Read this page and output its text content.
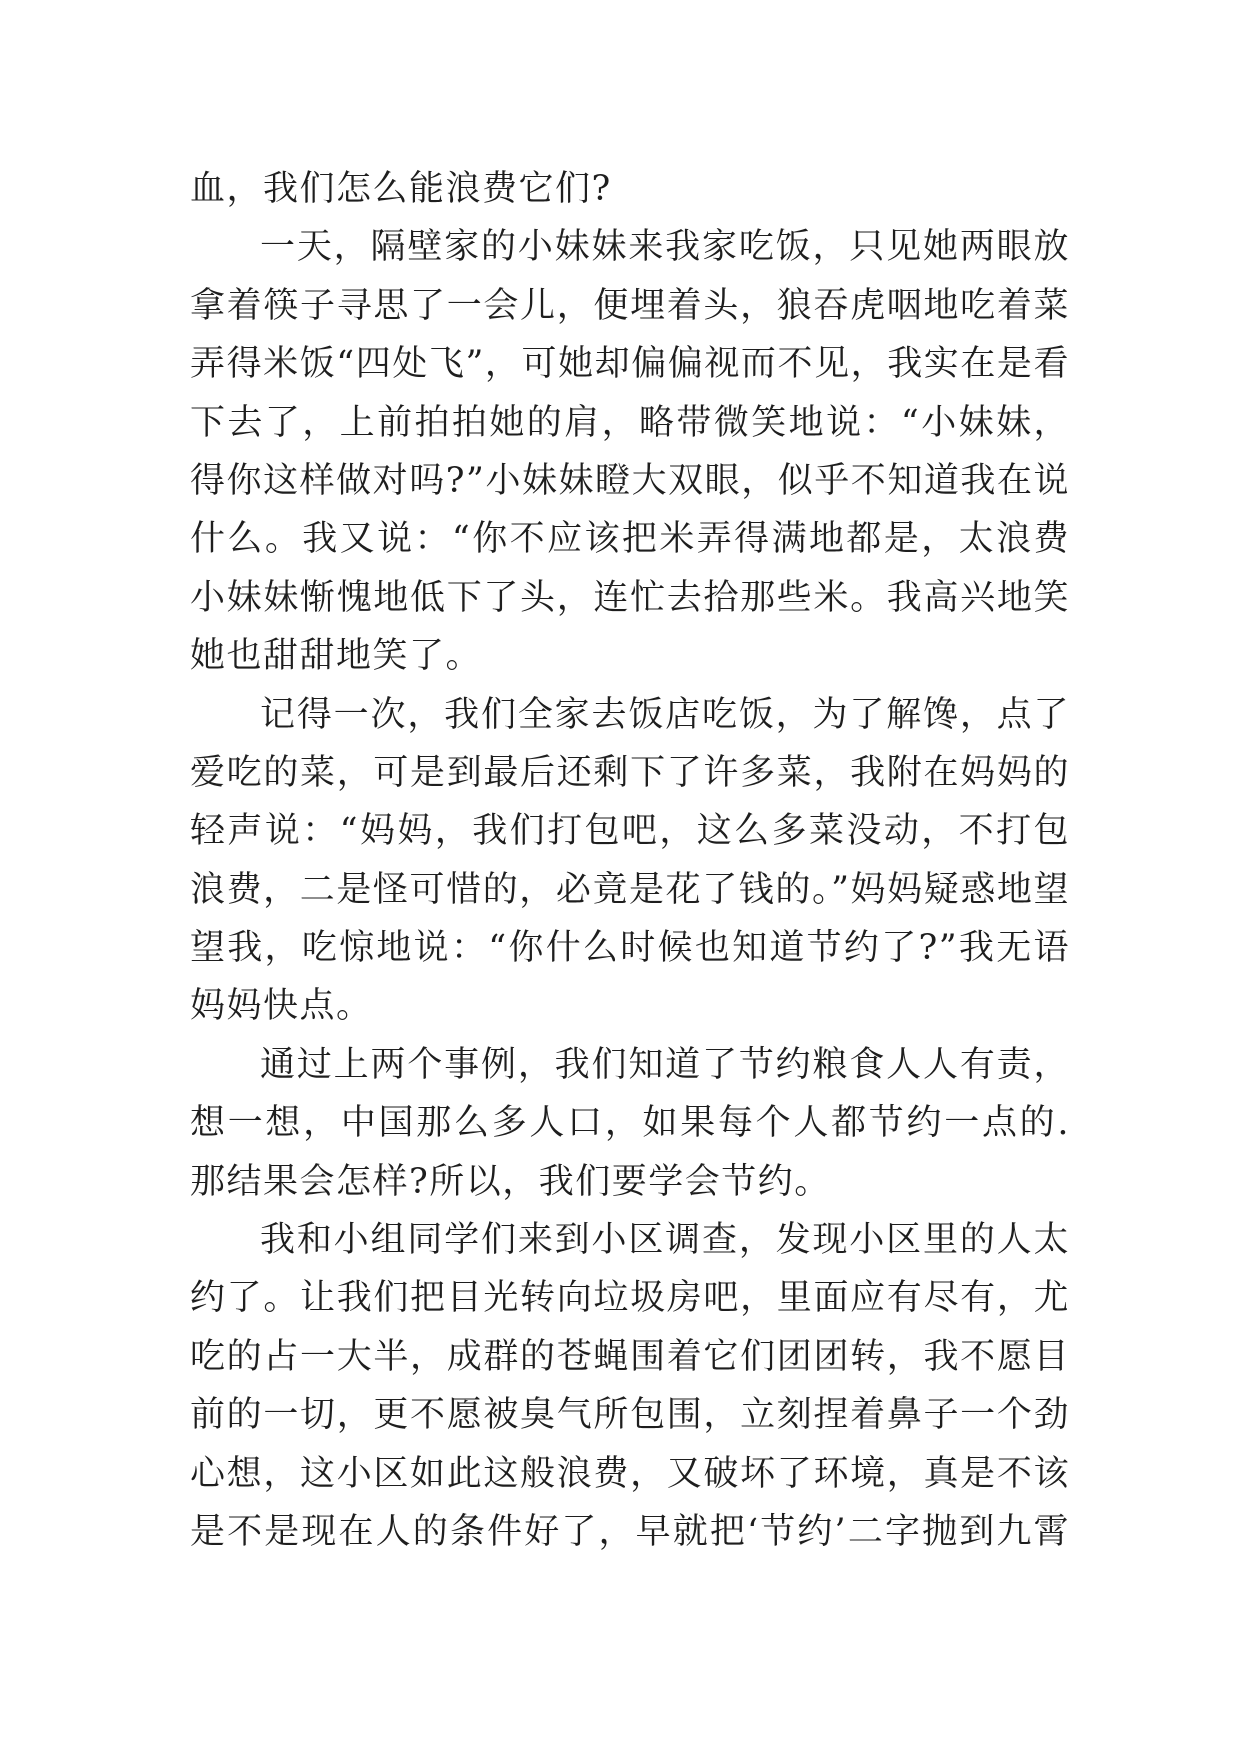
血，我们怎么能浪费它们?
一天，隔壁家的小妹妹来我家吃饭，只见她两眼放
拿着筷子寻思了一会儿，便埋着头，狼吞虎咽地吃着菜
弄得米饭“四处飞”，可她却偏偏视而不见，我实在是看
下去了，上前拍拍她的肩，略带微笑地说：“小妹妹，
得你这样做对吗?”小妹妹瞪大双眼，似乎不知道我在说
什么。我又说：“你不应该把米弄得满地都是，太浪费
小妹妹惭愧地低下了头，连忙去拾那些米。我高兴地笑
她也甜甜地笑了。
记得一次，我们全家去饭店吃饭，为了解馋，点了
爱吃的菜，可是到最后还剩下了许多菜，我附在妈妈的
轻声说：“妈妈，我们打包吧，这么多菜没动，不打包
浪费，二是怪可惜的，必竟是花了钱的。”妈妈疑惑地望
望我，吃惊地说：“你什么时候也知道节约了?”我无语
妈妈快点。
通过上两个事例，我们知道了节约粮食人人有责，
想一想，中国那么多人口，如果每个人都节约一点的.
那结果会怎样?所以，我们要学会节约。
我和小组同学们来到小区调查，发现小区里的人太
约了。让我们把目光转向垃圾房吧，里面应有尽有，尤
吃的占一大半，成群的苍蝇围着它们团团转，我不愿目
前的一切，更不愿被臭气所包围，立刻捏着鼻子一个劲
心想，这小区如此这般浪费，又破坏了环境，真是不该
是不是现在人的条件好了，早就把‘节约’二字抛到九霄
